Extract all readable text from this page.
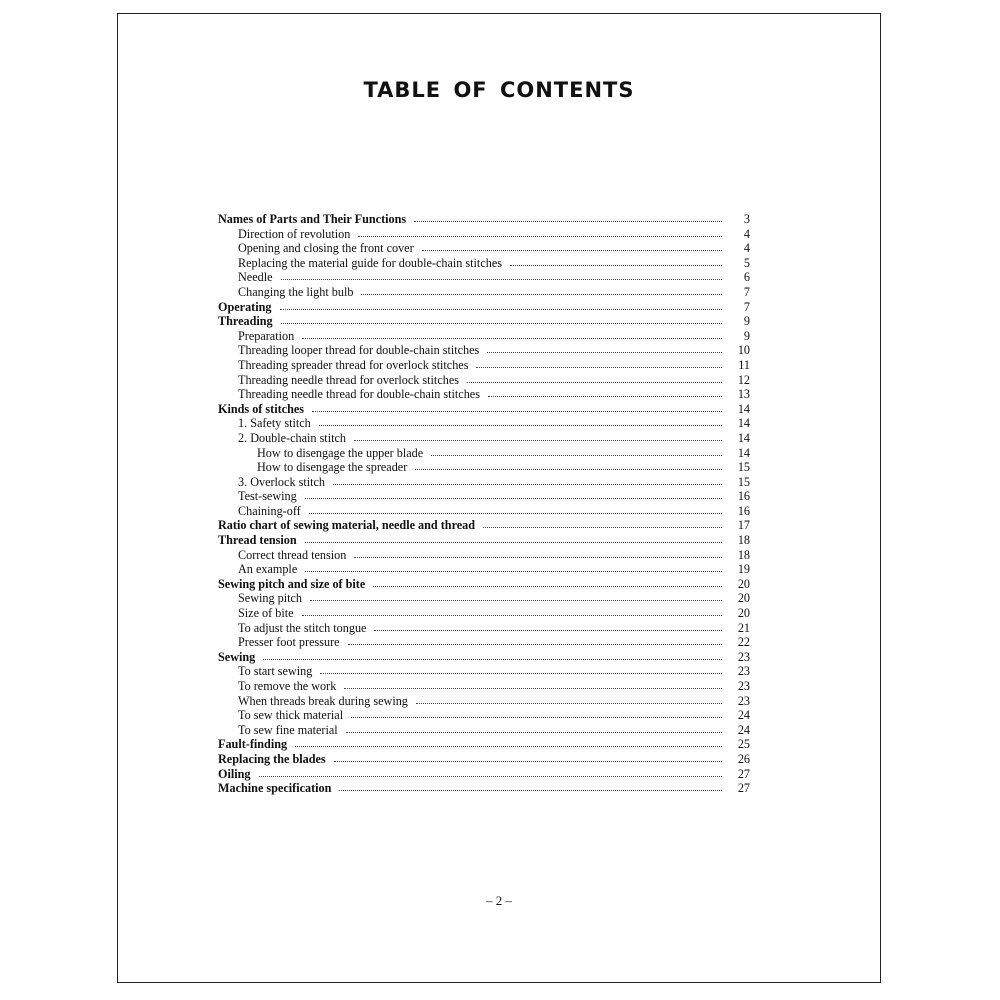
TABLE OF CONTENTS
Names of Parts and Their Functions	3
Direction of revolution	4
Opening and closing the front cover	4
Replacing the material guide for double-chain stitches	5
Needle	6
Changing the light bulb	7
Operating	7
Threading	9
Preparation	9
Threading looper thread for double-chain stitches	10
Threading spreader thread for overlock stitches	11
Threading needle thread for overlock stitches	12
Threading needle thread for double-chain stitches	13
Kinds of stitches	14
1. Safety stitch	14
2. Double-chain stitch	14
How to disengage the upper blade	14
How to disengage the spreader	15
3. Overlock stitch	15
Test-sewing	16
Chaining-off	16
Ratio chart of sewing material, needle and thread	17
Thread tension	18
Correct thread tension	18
An example	19
Sewing pitch and size of bite	20
Sewing pitch	20
Size of bite	20
To adjust the stitch tongue	21
Presser foot pressure	22
Sewing	23
To start sewing	23
To remove the work	23
When threads break during sewing	23
To sew thick material	24
To sew fine material	24
Fault-finding	25
Replacing the blades	26
Oiling	27
Machine specification	27
– 2 –
